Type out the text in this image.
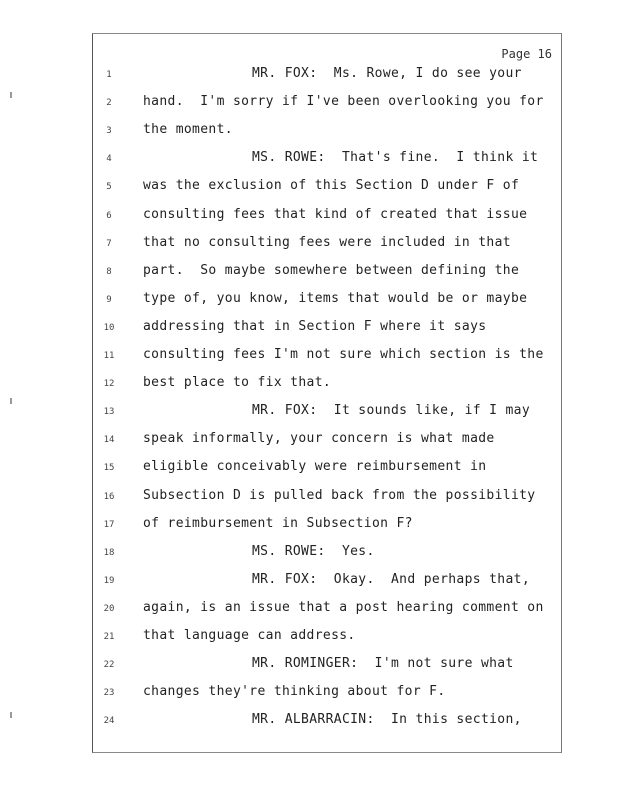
Page 16
1	MR. FOX:  Ms. Rowe, I do see your
2	hand.  I'm sorry if I've been overlooking you for
3	the moment.
4	MS. ROWE:  That's fine.  I think it
5	was the exclusion of this Section D under F of
6	consulting fees that kind of created that issue
7	that no consulting fees were included in that
8	part.  So maybe somewhere between defining the
9	type of, you know, items that would be or maybe
10 addressing that in Section F where it says
11 consulting fees I'm not sure which section is the
12 best place to fix that.
13	MR. FOX:  It sounds like, if I may
14 speak informally, your concern is what made
15 eligible conceivably were reimbursement in
16 Subsection D is pulled back from the possibility
17 of reimbursement in Subsection F?
18	MS. ROWE:  Yes.
19	MR. FOX:  Okay.  And perhaps that,
20 again, is an issue that a post hearing comment on
21 that language can address.
22	MR. ROMINGER:  I'm not sure what
23 changes they're thinking about for F.
24	MR. ALBARRACIN:  In this section,
